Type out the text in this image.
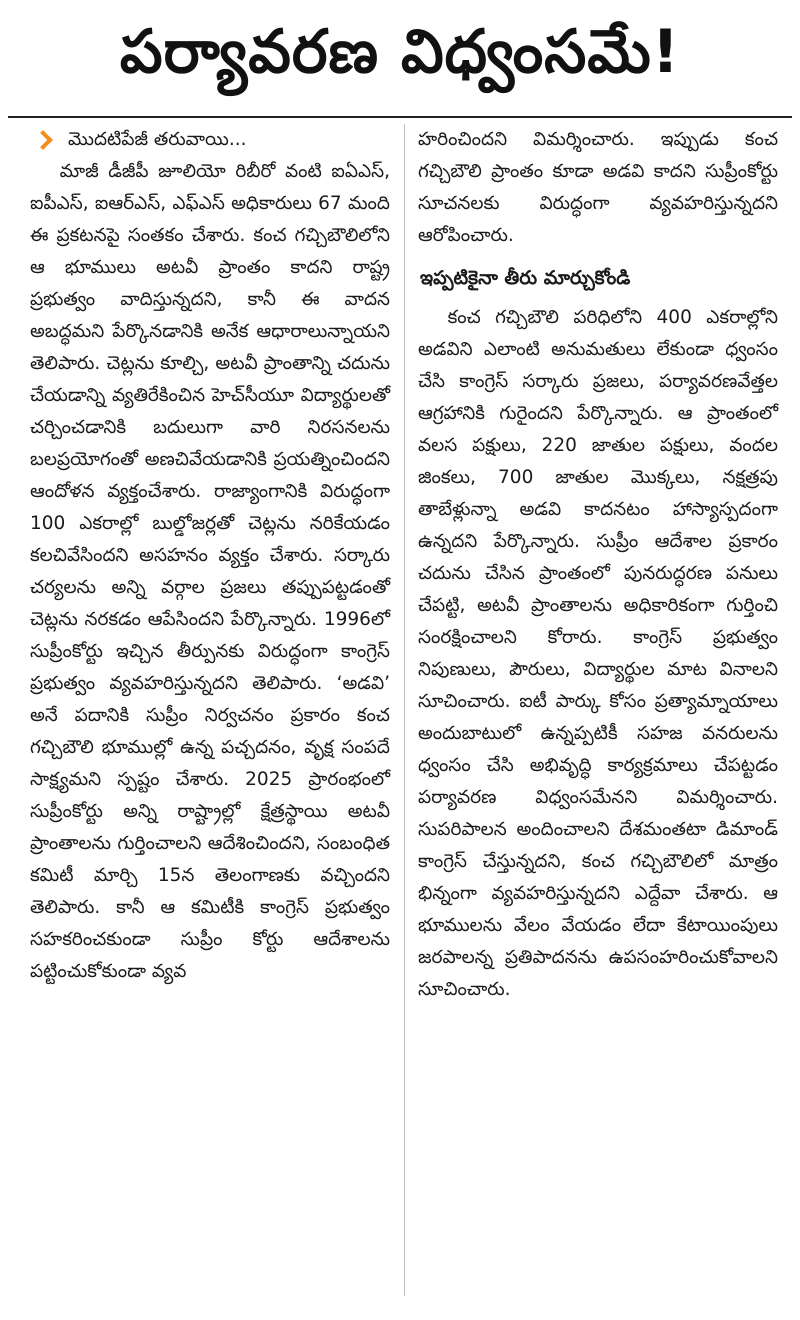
పర్యావరణ విధ్వంసమే!

మొదటిపేజీ తరువాయి...

మాజీ డీజీపీ జూలియో రిబీరో వంటి ఐఏఎస్, ఐపీఎస్, ఐఆర్ఎస్, ఎఫ్ఎస్ అధికారులు 67 మంది ఈ ప్రకటనపై సంతకం చేశారు. కంచ గచ్చిబౌలిలోని ఆ భూములు అటవీ ప్రాంతం కాదని రాష్ట్ర ప్రభుత్వం వాదిస్తున్నదని, కానీ ఈ వాదన అబద్ధమని పేర్కొనడానికి అనేక ఆధారాలున్నాయని తెలిపారు. చెట్లను కూల్చి, అటవీ ప్రాంతాన్ని చదును చేయడాన్ని వ్యతిరేకించిన హెచ్‌సీయూ విద్యార్థులతో చర్చించడానికి బదులుగా వారి నిరసనలను బలప్రయోగంతో అణచివేయడానికి ప్రయత్నించిందని ఆందోళన వ్యక్తంచేశారు. రాజ్యాంగానికి విరుద్ధంగా 100 ఎకరాల్లో బుల్డోజర్లతో చెట్లను నరికేయడం కలచివేసిందని అసహనం వ్యక్తం చేశారు. సర్కారు చర్యలను అన్ని వర్గాల ప్రజలు తప్పుపట్టడంతో చెట్లను నరకడం ఆపేసిందని పేర్కొన్నారు. 1996లో సుప్రీంకోర్టు ఇచ్చిన తీర్పునకు విరుద్ధంగా కాంగ్రెస్ ప్రభుత్వం వ్యవహరిస్తున్నదని తెలిపారు. ‘అడవి’ అనే పదానికి సుప్రీం నిర్వచనం ప్రకారం కంచ గచ్చిబౌలి భూముల్లో ఉన్న పచ్చదనం, వృక్ష సంపదే సాక్ష్యమని స్పష్టం చేశారు. 2025 ప్రారంభంలో సుప్రీంకోర్టు అన్ని రాష్ట్రాల్లో క్షేత్రస్థాయి అటవీ ప్రాంతాలను గుర్తించాలని ఆదేశించిందని, సంబంధిత కమిటీ మార్చి 15న తెలంగాణకు వచ్చిందని తెలిపారు. కానీ ఆ కమిటీకి కాంగ్రెస్ ప్రభుత్వం సహకరించకుండా సుప్రీం కోర్టు ఆదేశాలను పట్టించుకోకుండా వ్యవ

హరించిందని విమర్శించారు. ఇప్పుడు కంచ గచ్చిబౌలి ప్రాంతం కూడా అడవి కాదని సుప్రీంకోర్టు సూచనలకు విరుద్ధంగా వ్యవహరిస్తున్నదని ఆరోపించారు.

ఇప్పటికైనా తీరు మార్చుకోండి

కంచ గచ్చిబౌలి పరిధిలోని 400 ఎకరాల్లోని అడవిని ఎలాంటి అనుమతులు లేకుండా ధ్వంసం చేసి కాంగ్రెస్ సర్కారు ప్రజలు, పర్యావరణవేత్తల ఆగ్రహానికి గురైందని పేర్కొన్నారు. ఆ ప్రాంతంలో వలస పక్షులు, 220 జాతుల పక్షులు, వందల జింకలు, 700 జాతుల మొక్కలు, నక్షత్రపు తాబేళ్లున్నా అడవి కాదనటం హాస్యాస్పదంగా ఉన్నదని పేర్కొన్నారు. సుప్రీం ఆదేశాల ప్రకారం చదును చేసిన ప్రాంతంలో పునరుద్ధరణ పనులు చేపట్టి, అటవీ ప్రాంతాలను అధికారికంగా గుర్తించి సంరక్షించాలని కోరారు. కాంగ్రెస్ ప్రభుత్వం నిపుణులు, పౌరులు, విద్యార్థుల మాట వినాలని సూచించారు. ఐటీ పార్కు కోసం ప్రత్యామ్నాయాలు అందుబాటులో ఉన్నప్పటికీ సహజ వనరులను ధ్వంసం చేసి అభివృద్ధి కార్యక్రమాలు చేపట్టడం పర్యావరణ విధ్వంసమేనని విమర్శించారు. సుపరిపాలన అందించాలని దేశమంతటా డిమాండ్ కాంగ్రెస్ చేస్తున్నదని, కంచ గచ్చిబౌలిలో మాత్రం భిన్నంగా వ్యవహరిస్తున్నదని ఎద్దేవా చేశారు. ఆ భూములను వేలం వేయడం లేదా కేటాయింపులు జరపాలన్న ప్రతిపాదనను ఉపసంహరించుకోవాలని సూచించారు.
